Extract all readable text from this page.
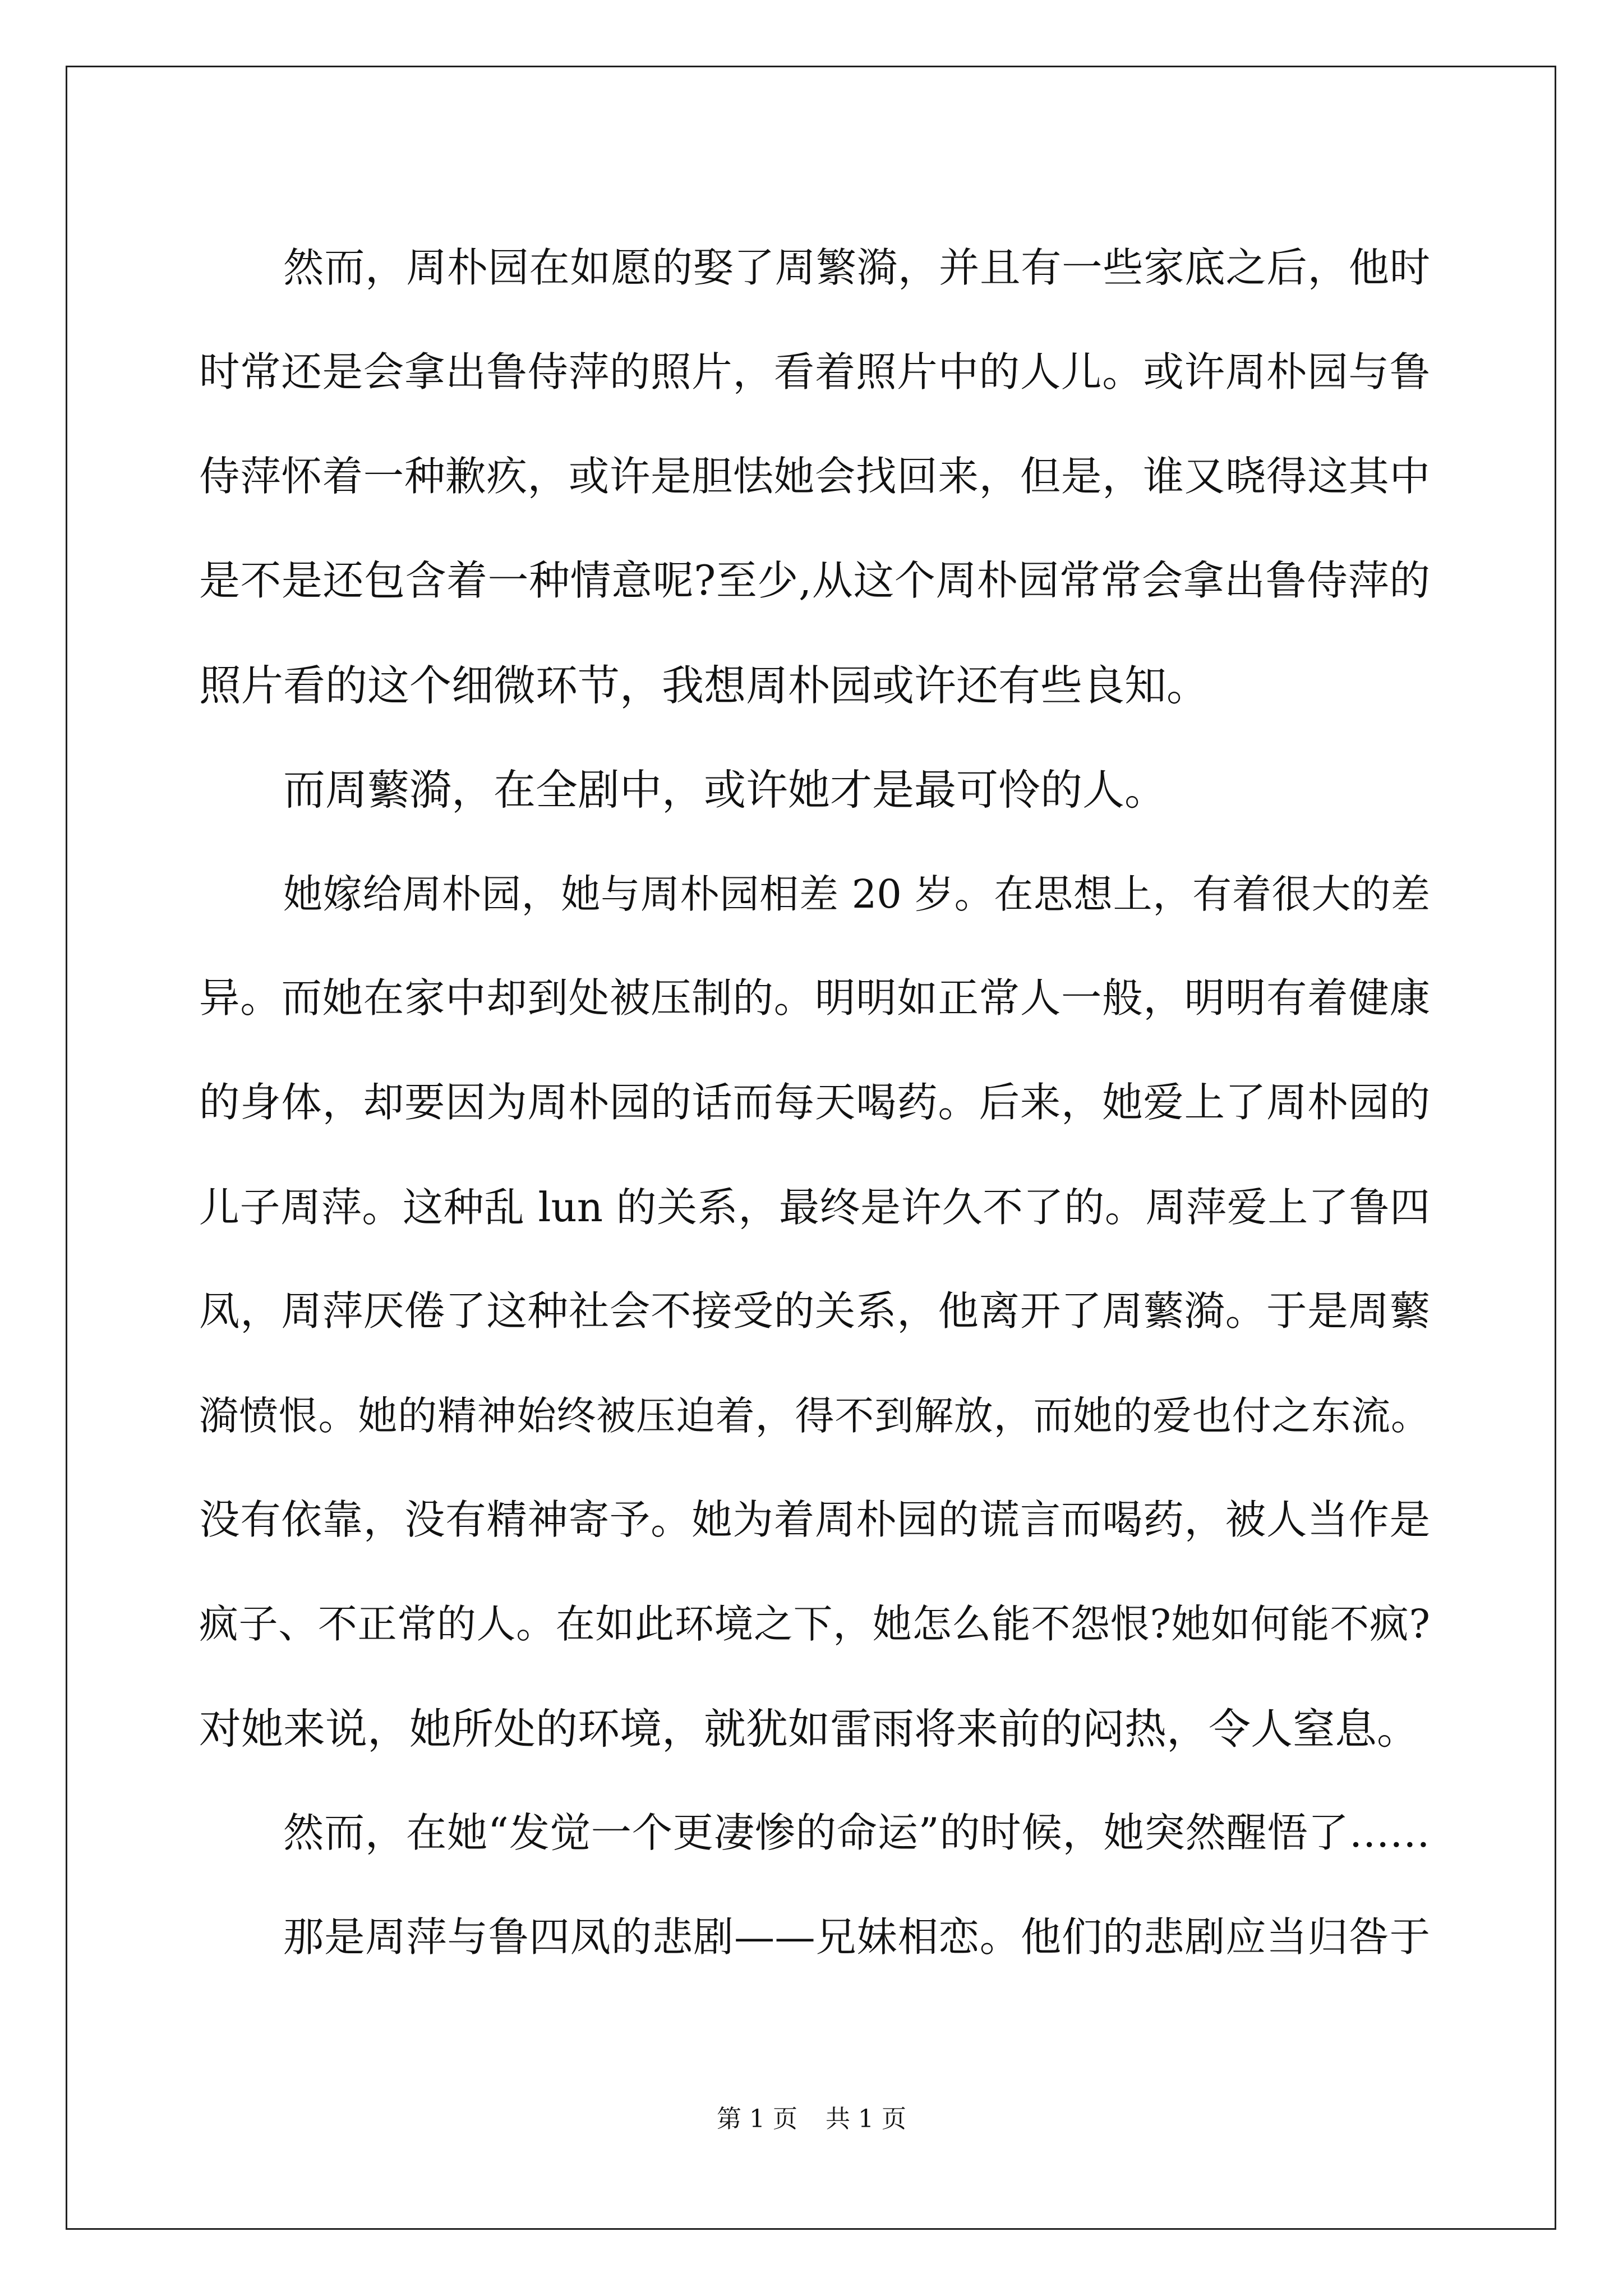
然而，周朴园在如愿的娶了周繁漪，并且有一些家底之后，他时
时常还是会拿出鲁侍萍的照片，看着照片中的人儿。或许周朴园与鲁
侍萍怀着一种歉疚，或许是胆怯她会找回来，但是，谁又晓得这其中
是不是还包含着一种情意呢?至少,从这个周朴园常常会拿出鲁侍萍的
照片看的这个细微环节，我想周朴园或许还有些良知。
而周蘩漪，在全剧中，或许她才是最可怜的人。
她嫁给周朴园，她与周朴园相差 20 岁。在思想上，有着很大的差
异。而她在家中却到处被压制的。明明如正常人一般，明明有着健康
的身体，却要因为周朴园的话而每天喝药。后来，她爱上了周朴园的
儿子周萍。这种乱 lun 的关系，最终是许久不了的。周萍爱上了鲁四
凤，周萍厌倦了这种社会不接受的关系，他离开了周蘩漪。于是周蘩
漪愤恨。她的精神始终被压迫着，得不到解放，而她的爱也付之东流。
没有依靠，没有精神寄予。她为着周朴园的谎言而喝药，被人当作是
疯子、不正常的人。在如此环境之下，她怎么能不怨恨?她如何能不疯?
对她来说，她所处的环境，就犹如雷雨将来前的闷热，令人窒息。
然而，在她“发觉一个更凄惨的命运”的时候，她突然醒悟了……
那是周萍与鲁四凤的悲剧——兄妹相恋。他们的悲剧应当归咎于
第 1 页 共 1 页
